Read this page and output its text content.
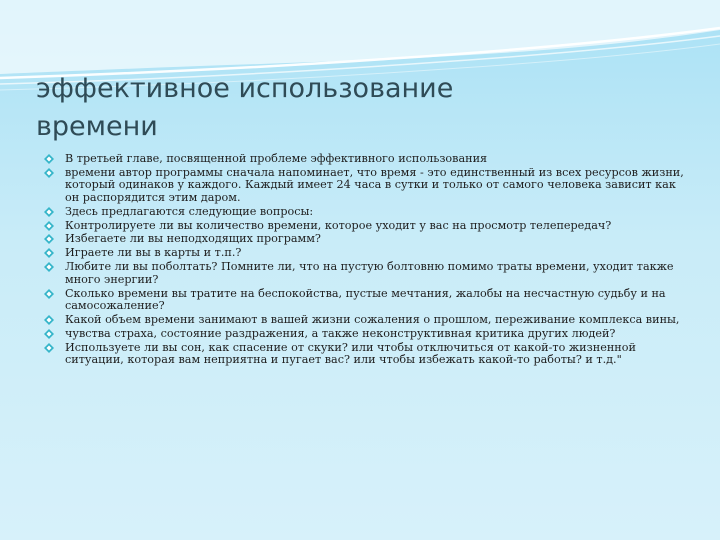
эффективное использование
времени
В третьей главе, посвященной проблеме эффективного использования
времени автор программы сначала напоминает, что время - это единственный из всех ресурсов жизни, который одинаков у каждого. Каждый имеет 24 часа в сутки и только от самого человека зависит как он распорядится этим даром.
Здесь предлагаются следующие вопросы:
Контролируете ли вы количество времени, которое уходит у вас на просмотр телепередач?
Избегаете ли вы неподходящих программ?
Играете ли вы в карты и т.п.?
Любите ли вы поболтать? Помните ли, что на пустую болтовню помимо траты времени, уходит также много энергии?
Сколько времени вы тратите на беспокойства, пустые мечтания, жалобы на несчастную судьбу и на самосожаление?
Какой объем времени занимают в вашей жизни сожаления о прошлом, переживание комплекса вины,
чувства страха, состояние раздражения, а также неконструктивная критика других людей?
Используете ли вы сон, как спасение от скуки? или чтобы отключиться от какой-то жизненной ситуации, которая вам неприятна и пугает вас? или чтобы избежать какой-то работы? и т.д."
